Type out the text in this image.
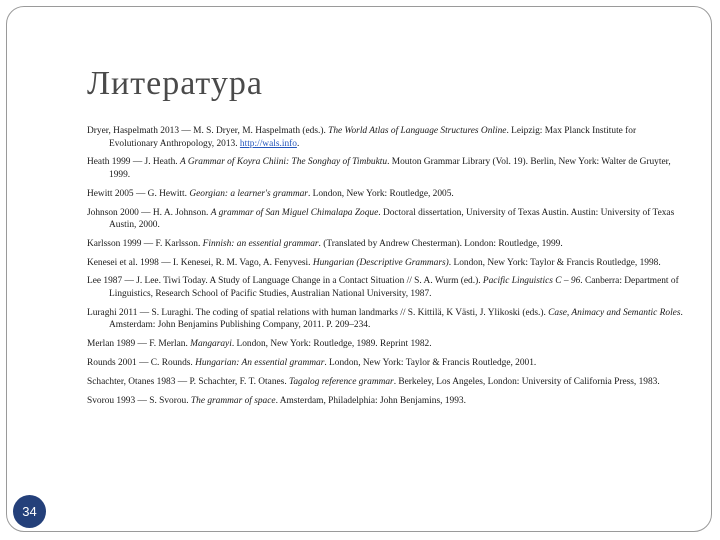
Литература
Dryer, Haspelmath 2013 — M. S. Dryer, M. Haspelmath (eds.). The World Atlas of Language Structures Online. Leipzig: Max Planck Institute for Evolutionary Anthropology, 2013. http://wals.info.
Heath 1999 — J. Heath. A Grammar of Koyra Chiini: The Songhay of Timbuktu. Mouton Grammar Library (Vol. 19). Berlin, New York: Walter de Gruyter, 1999.
Hewitt 2005 — G. Hewitt. Georgian: a learner's grammar. London, New York: Routledge, 2005.
Johnson 2000 — H. A. Johnson. A grammar of San Miguel Chimalapa Zoque. Doctoral dissertation, University of Texas Austin. Austin: University of Texas Austin, 2000.
Karlsson 1999 — F. Karlsson. Finnish: an essential grammar. (Translated by Andrew Chesterman). London: Routledge, 1999.
Kenesei et al. 1998 — I. Kenesei, R. M. Vago, A. Fenyvesi. Hungarian (Descriptive Grammars). London, New York: Taylor & Francis Routledge, 1998.
Lee 1987 — J. Lee. Tiwi Today. A Study of Language Change in a Contact Situation // S. A. Wurm (ed.). Pacific Linguistics C – 96. Canberra: Department of Linguistics, Research School of Pacific Studies, Australian National University, 1987.
Luraghi 2011 — S. Luraghi. The coding of spatial relations with human landmarks // S. Kittilä, K Västi, J. Ylikoski (eds.). Case, Animacy and Semantic Roles. Amsterdam: John Benjamins Publishing Company, 2011. P. 209–234.
Merlan 1989 — F. Merlan. Mangarayi. London, New York: Routledge, 1989. Reprint 1982.
Rounds 2001 — C. Rounds. Hungarian: An essential grammar. London, New York: Taylor & Francis Routledge, 2001.
Schachter, Otanes 1983 — P. Schachter, F. T. Otanes. Tagalog reference grammar. Berkeley, Los Angeles, London: University of California Press, 1983.
Svorou 1993 — S. Svorou. The grammar of space. Amsterdam, Philadelphia: John Benjamins, 1993.
34
